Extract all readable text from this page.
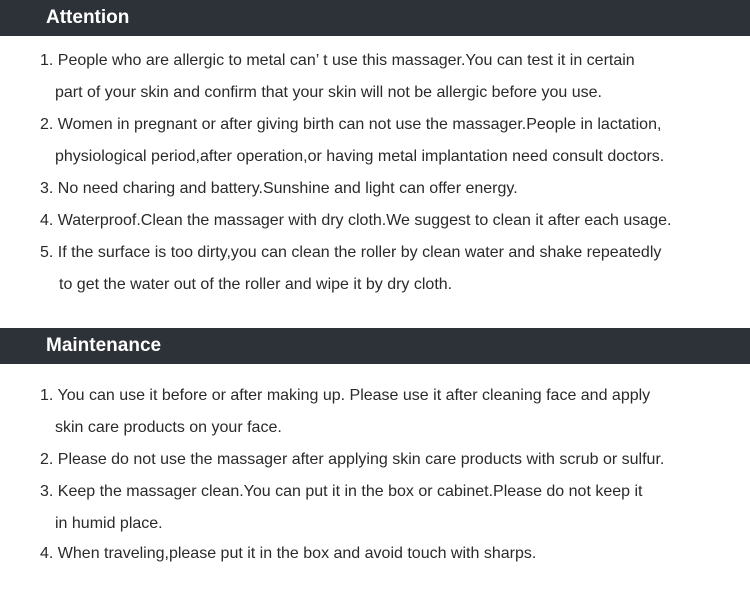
Attention
1. People who are allergic to metal can’ t use this massager.You can test it in certain
part of your skin and confirm that your skin will not be allergic before you use.
2. Women in pregnant or after giving birth can not use the massager.People in lactation,
physiological period,after operation,or having metal implantation need consult doctors.
3. No need charing and battery.Sunshine and light can offer energy.
4. Waterproof.Clean the massager with dry cloth.We suggest to clean it after each usage.
5. If the surface is too dirty,you can clean the roller by clean water and shake repeatedly
to get the water out of the roller and wipe it by dry cloth.
Maintenance
1. You can use it before or after making up. Please use it after cleaning face and apply
skin care products on your face.
2. Please do not use the massager after applying skin care products with scrub or sulfur.
3. Keep the massager clean.You can put it in the box or cabinet.Please do not keep it
in humid place.
4. When traveling,please put it in the box and avoid touch with sharps.
